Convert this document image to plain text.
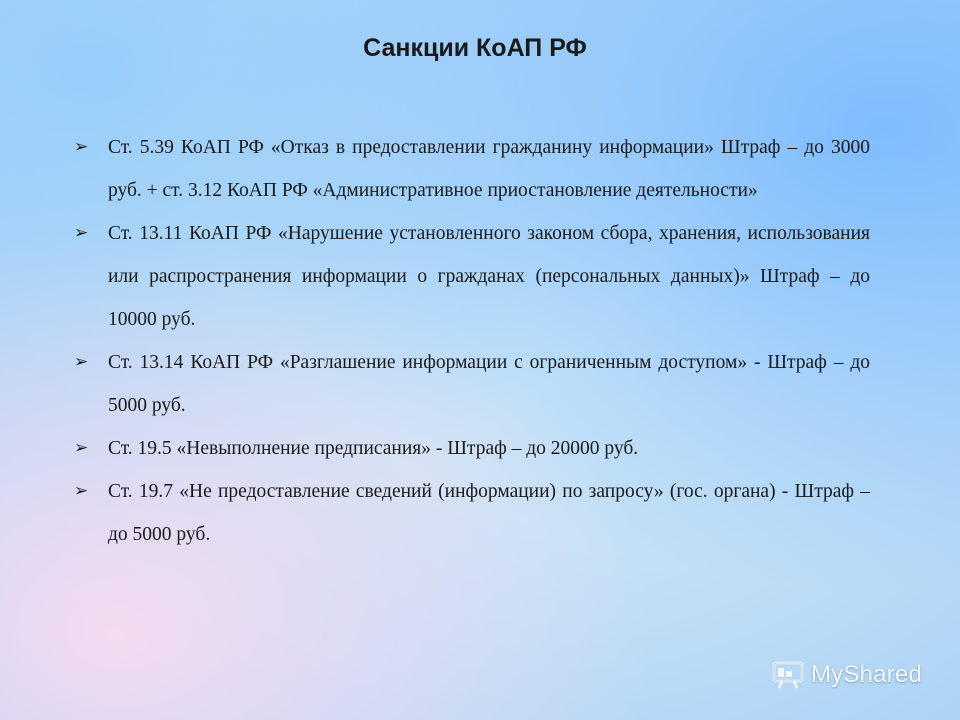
Санкции КоАП РФ
➢ Ст. 5.39 КоАП РФ «Отказ в предоставлении гражданину информации» Штраф – до 3000 руб. + ст. 3.12 КоАП РФ «Административное приостановление деятельности»
➢ Ст. 13.11 КоАП РФ «Нарушение установленного законом сбора, хранения, использования или распространения информации о гражданах (персональных данных)» Штраф – до 10000 руб.
➢ Ст. 13.14 КоАП РФ «Разглашение информации с ограниченным доступом» - Штраф – до 5000 руб.
➢ Ст. 19.5 «Невыполнение предписания» - Штраф – до 20000 руб.
➢ Ст. 19.7 «Не предоставление сведений (информации) по запросу» (гос. органа) - Штраф – до 5000 руб.
MyShared
